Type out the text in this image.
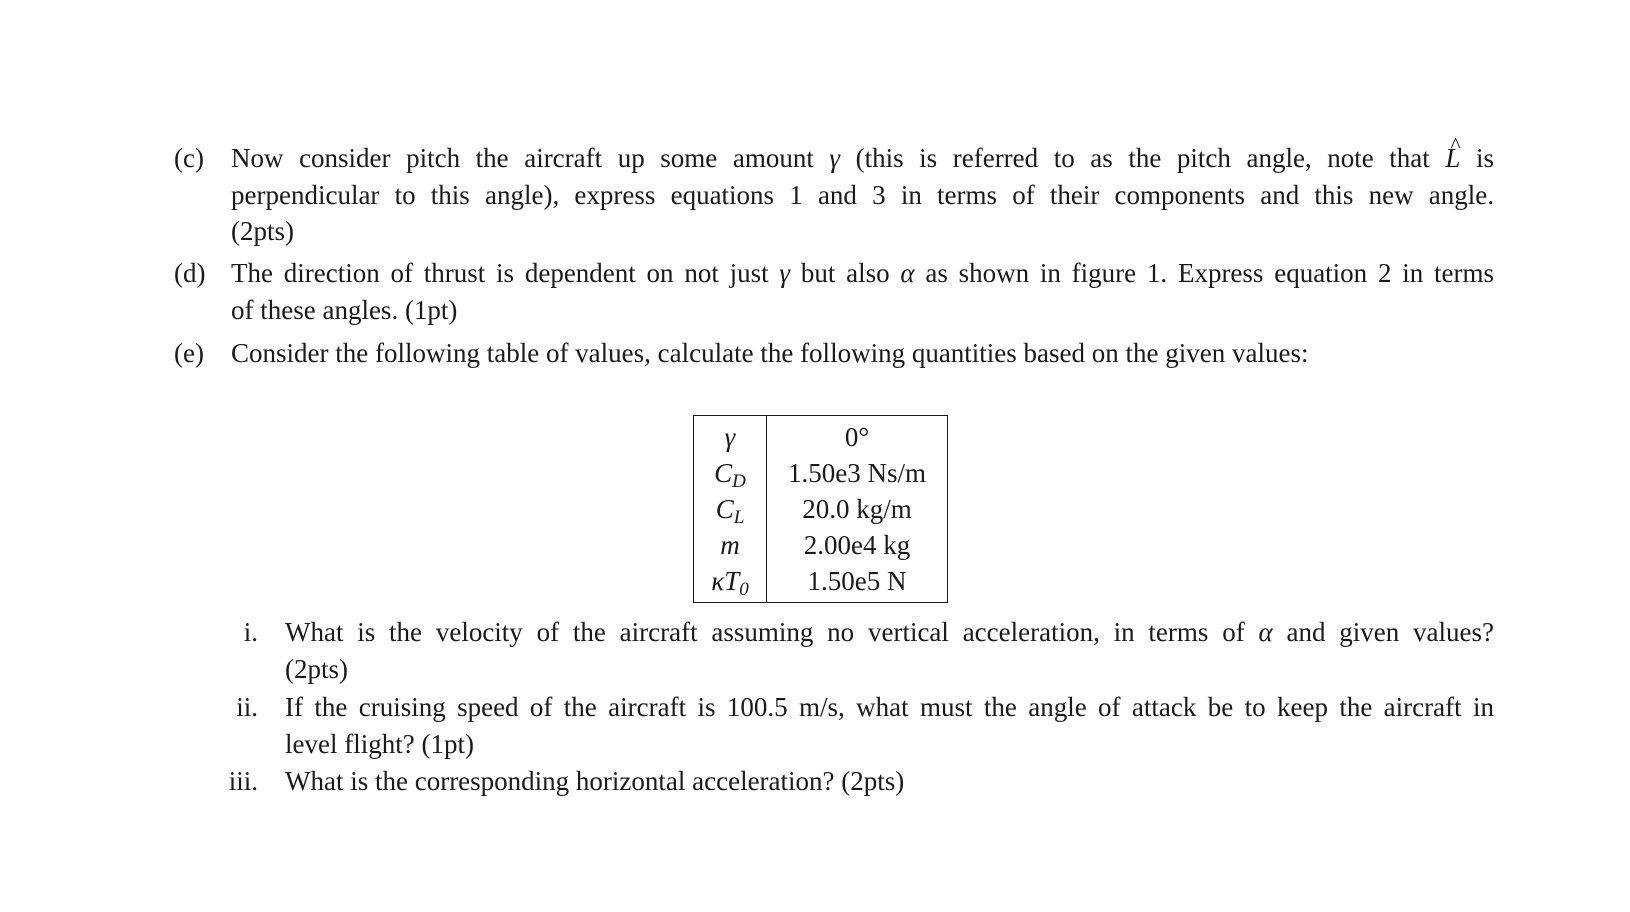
(c)	Now consider pitch the aircraft up some amount γ (this is referred to as the pitch angle, note that ^ L is
perpendicular to this angle), express equations 1 and 3 in terms of their components and this new angle.
(2pts)
(d) The direction of thrust is dependent on not just γ but also α as shown in figure 1. Express equation 2 in terms
of these angles. (1pt)
(e)	Consider the following table of values, calculate the following quantities based on the given values:
γ	0°
$C_D$	1.50e3 Ns/m
$C_L$	20.0 kg/m
m	2.00e4 kg
$\kappa T_0$	1.50e5 N
i. What is the velocity of the aircraft assuming no vertical acceleration, in terms of α and given values?
(2pts)
ii. If the cruising speed of the aircraft is 100.5 m/s, what must the angle of attack be to keep the aircraft in
level flight? (1pt)
iii. What is the corresponding horizontal acceleration? (2pts)
